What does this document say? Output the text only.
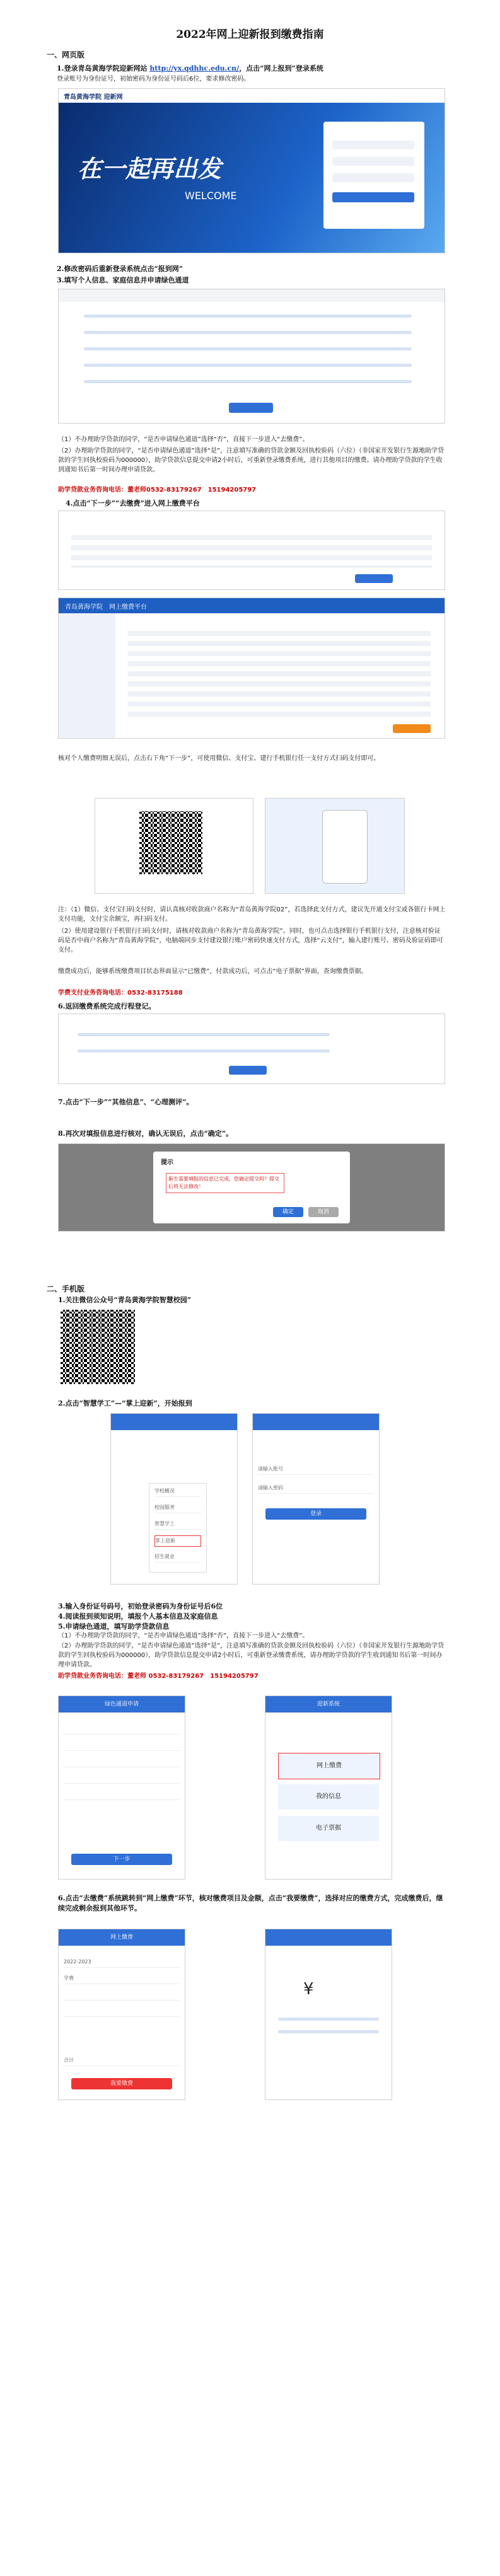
2022年网上迎新报到缴费指南
一、网页版
1.登录青岛黄海学院迎新网站 http://yx.qdhhc.edu.cn/，点击“网上报到”登录系统
登录账号为身份证号，初始密码为身份证号码后6位，要求修改密码。
青岛黄海学院 迎新网
在一起再出发
WELCOME
2.修改密码后重新登录系统点击“报到网”
3.填写个人信息、家庭信息并申请绿色通道
（1）不办理助学贷款的同学，“是否申请绿色通道”选择“否”，直接下一步进入“去缴费”。
（2）办理助学贷款的同学，“是否申请绿色通道”选择“是”，注意填写准确的贷款金额及回执校验码（六位）（非国家开发银行生源地助学贷款的学生回执校验码为000000），助学贷款信息提交申请2小时后，可重新登录缴费系统，进行其他项目的缴费。请办理助学贷款的学生收到通知书后第一时间办理申请贷款。
助学贷款业务咨询电话：董老师0532-83179267　15194205797
4.点击“下一步”“去缴费”进入网上缴费平台
青岛黄海学院　网上缴费平台
核对个人缴费明细无误后，点击右下角“下一步”，可使用微信、支付宝、建行手机银行任一支付方式扫码支付即可。
注：（1）微信、支付宝扫码支付时，请认真核对收款商户名称为“青岛黄海学院02”，若选择此支付方式，建议先开通支付宝或各银行卡网上支付功能，支付宝余额宝，再扫码支付。
（2）使用建设银行手机银行扫码支付时，请核对收款商户名称为“青岛黄海学院”。同时，也可点击选择银行手机银行支付，注意核对验证码是否中商户名称为“青岛黄海学院”，电脑端同步支付建设银行账户密码快速支付方式，选择“云支付”，输入建行账号、密码及验证码即可支付。
缴费成功后，能够系统缴费项目状态界面显示“已缴费”，付款成功后，可点击“电子票据”界面，查询缴费票据。
学费支付业务咨询电话：0532-83175188
6.返回缴费系统完成行程登记。
7.点击“下一步”“其他信息”、“心理测评”。
8.再次对填报信息进行核对，确认无误后，点击“确定”。
提示
新生需要填报的信息已完成，您确定提交吗？提交后将无法修改！
确定	取消
二、手机版
1.关注微信公众号“青岛黄海学院智慧校园”
2.点击“智慧学工”—“掌上迎新”，开始报到
学校概况
校园服务
智慧学工
掌上迎新
招生就业
请输入账号
请输入密码
登录
3.输入身份证号码号，初始登录密码为身份证号后6位
4.阅读报到须知说明，填报个人基本信息及家庭信息
5.申请绿色通道，填写助学贷款信息
（1）不办理助学贷款的同学，“是否申请绿色通道”选择“否”，直接下一步进入“去缴费”。
（2）办理助学贷款的同学，“是否申请绿色通道”选择“是”，注意填写准确的贷款金额及回执校验码（六位）（非国家开发银行生源地助学贷款的学生回执校验码为000000），助学贷款信息提交申请2小时后，可重新登录缴费系统，请办理助学贷款的学生收到通知书后第一时间办理申请贷款。
助学贷款业务咨询电话：董老师 0532-83179267　15194205797
绿色通道申请
下一步
迎新系统
网上缴费
我的信息
电子票据
6.点击“去缴费”系统跳转到“网上缴费”环节，核对缴费项目及金额，点击“我要缴费”，选择对应的缴费方式，完成缴费后，继续完成剩余报到其他环节。
网上缴费
2022-2023
学费
合计
我要缴费
¥
